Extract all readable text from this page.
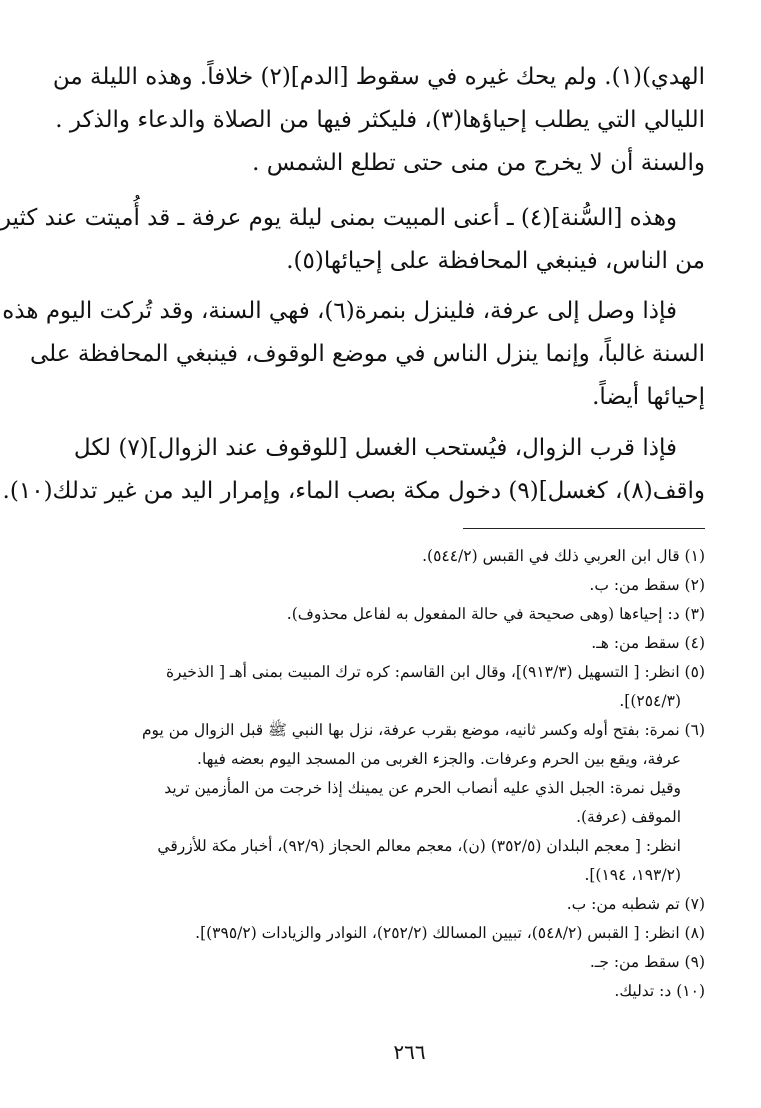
الهدي)(١). ولم يحك غيره في سقوط [الدم](٢) خلافاً. وهذه الليلة من
الليالي التي يطلب إحياؤها(٣)، فليكثر فيها من الصلاة والدعاء والذكر .
والسنة أن لا يخرج من منى حتى تطلع الشمس .

وهذه [السُّنة](٤) ـ أعنى المبيت بمنى ليلة يوم عرفة ـ قد أُميتت عند كثير
من الناس، فينبغي المحافظة على إحيائها(٥).

فإذا وصل إلى عرفة، فلينزل بنمرة(٦)، فهي السنة، وقد تُركت اليوم هذه
السنة غالباً، وإنما ينزل الناس في موضع الوقوف، فينبغي المحافظة على
إحيائها أيضاً.

فإذا قرب الزوال، فيُستحب الغسل [للوقوف عند الزوال](٧) لكل
واقف(٨)، كغسل](٩) دخول مكة بصب الماء، وإمرار اليد من غير تدلك(١٠).

(١) قال ابن العربي ذلك في القبس (٥٤٤/٢).

(٢) سقط من: ب.

(٣) د: إحياءها (وهى صحيحة في حالة المفعول به لفاعل محذوف).

(٤) سقط من: هـ.

(٥) انظر: [ التسهيل (٩١٣/٣)]، وقال ابن القاسم: كره ترك المبيت بمنى أهـ [ الذخيرة
(٢٥٤/٣)].

(٦) نمرة: بفتح أوله وكسر ثانيه، موضع بقرب عرفة، نزل بها النبي ﷺ قبل الزوال من يوم
عرفة، ويقع بين الحرم وعرفات. والجزء الغربى من المسجد اليوم بعضه فيها.

وقيل نمرة: الجبل الذي عليه أنصاب الحرم عن يمينك إذا خرجت من المأزمين تريد
الموقف (عرفة).

انظر: [ معجم البلدان (٣٥٢/٥) (ن)، معجم معالم الحجاز (٩٢/٩)، أخبار مكة للأزرقي
(١٩٣/٢، ١٩٤)].

(٧) تم شطبه من: ب.

(٨) انظر: [ القبس (٥٤٨/٢)، تبيين المسالك (٢٥٢/٢)، النوادر والزيادات (٣٩٥/٢)].

(٩) سقط من: جـ.

(١٠) د: تدليك.

٢٦٦
